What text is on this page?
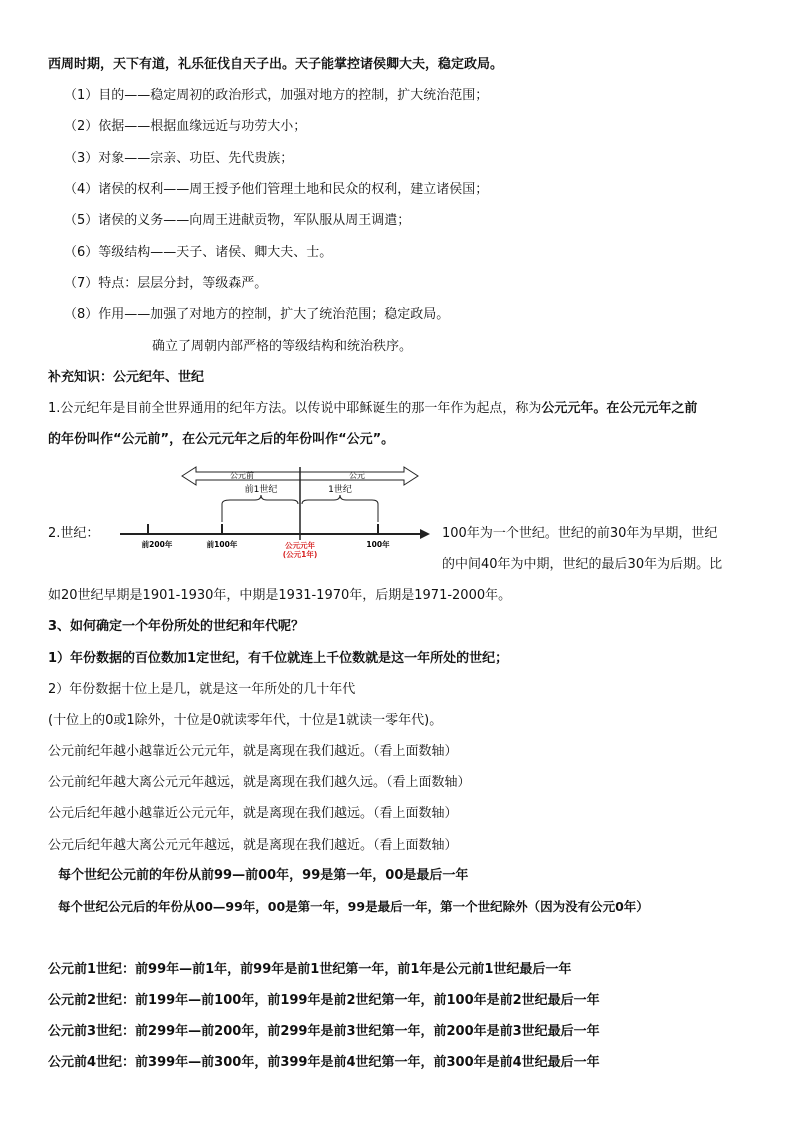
西周时期，天下有道，礼乐征伐自天子出。天子能掌控诸侯卿大夫，稳定政局。
（1）目的——稳定周初的政治形式，加强对地方的控制，扩大统治范围；
（2）依据——根据血缘远近与功劳大小；
（3）对象——宗亲、功臣、先代贵族；
（4）诸侯的权利——周王授予他们管理土地和民众的权利，建立诸侯国；
（5）诸侯的义务——向周王进献贡物，军队服从周王调遣；
（6）等级结构——天子、诸侯、卿大夫、士。
（7）特点：层层分封，等级森严。
（8）作用——加强了对地方的控制，扩大了统治范围；稳定政局。
确立了周朝内部严格的等级结构和统治秩序。
补充知识：公元纪年、世纪
1.公元纪年是目前全世界通用的纪年方法。以传说中耶稣诞生的那一年作为起点，称为公元元年。在公元元年之前
的年份叫作“公元前”，在公元元年之后的年份叫作“公元”。
2.世纪：
公元前	公元
前1世纪	1世纪
前200年	前100年	100年
公元元年
(公元1年)
100年为一个世纪。世纪的前30年为早期，世纪
的中间40年为中期，世纪的最后30年为后期。比
如20世纪早期是1901-1930年，中期是1931-1970年，后期是1971-2000年。
3、如何确定一个年份所处的世纪和年代呢？
1）年份数据的百位数加1定世纪，有千位就连上千位数就是这一年所处的世纪；
2）年份数据十位上是几，就是这一年所处的几十年代
(十位上的0或1除外，十位是0就读零年代，十位是1就读一零年代)。
公元前纪年越小越靠近公元元年，就是离现在我们越近。（看上面数轴）
公元前纪年越大离公元元年越远，就是离现在我们越久远。（看上面数轴）
公元后纪年越小越靠近公元元年，就是离现在我们越远。（看上面数轴）
公元后纪年越大离公元元年越远，就是离现在我们越近。（看上面数轴）
每个世纪公元前的年份从前99—前00年，99是第一年，00是最后一年
每个世纪公元后的年份从00—99年，00是第一年，99是最后一年，第一个世纪除外（因为没有公元0年）
公元前1世纪：前99年—前1年，前99年是前1世纪第一年，前1年是公元前1世纪最后一年
公元前2世纪：前199年—前100年，前199年是前2世纪第一年，前100年是前2世纪最后一年
公元前3世纪：前299年—前200年，前299年是前3世纪第一年，前200年是前3世纪最后一年
公元前4世纪：前399年—前300年，前399年是前4世纪第一年，前300年是前4世纪最后一年
